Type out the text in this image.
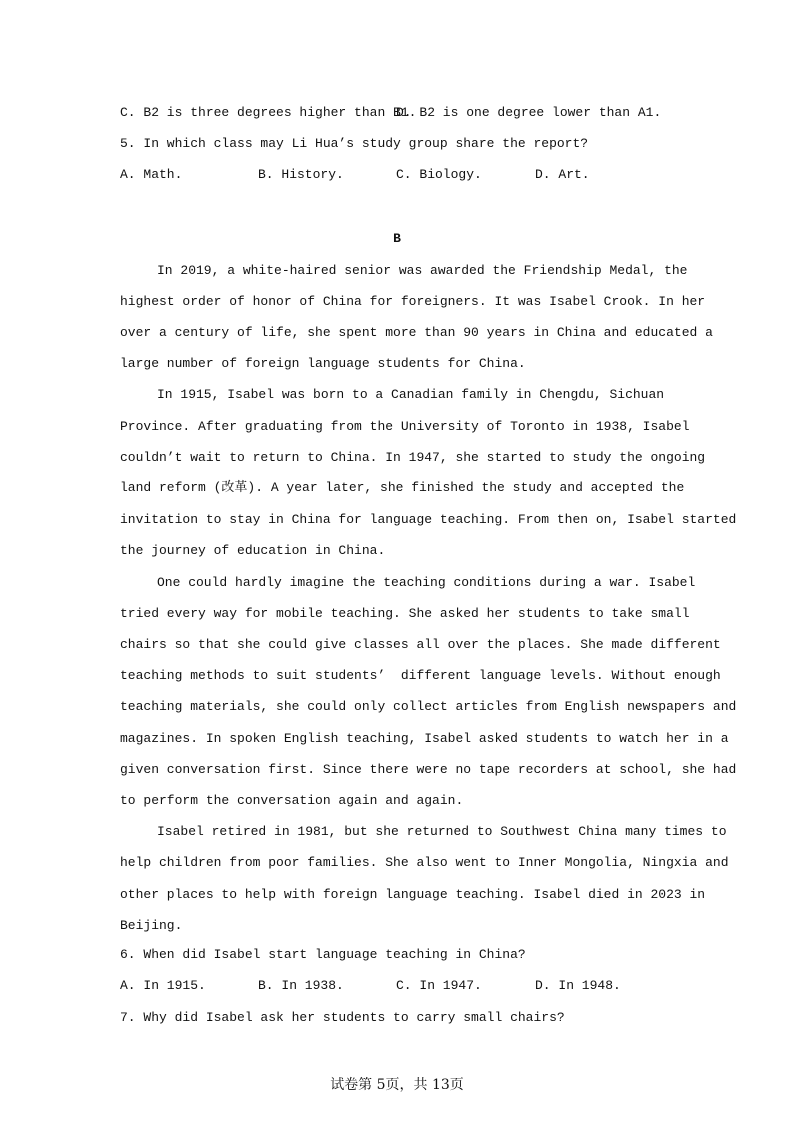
C. B2 is three degrees higher than B1.
D. B2 is one degree lower than A1.
5. In which class may Li Hua’s study group share the report?
A. Math.	B. History.	C. Biology.	D. Art.
B
In 2019, a white-haired senior was awarded the Friendship Medal, the
highest order of honor of China for foreigners. It was Isabel Crook. In her
over a century of life, she spent more than 90 years in China and educated a
large number of foreign language students for China.
In 1915, Isabel was born to a Canadian family in Chengdu, Sichuan
Province. After graduating from the University of Toronto in 1938, Isabel
couldn’t wait to return to China. In 1947, she started to study the ongoing
land reform (改革). A year later, she finished the study and accepted the
invitation to stay in China for language teaching. From then on, Isabel started
the journey of education in China.
One could hardly imagine the teaching conditions during a war. Isabel
tried every way for mobile teaching. She asked her students to take small
chairs so that she could give classes all over the places. She made different
teaching methods to suit students’  different language levels. Without enough
teaching materials, she could only collect articles from English newspapers and
magazines. In spoken English teaching, Isabel asked students to watch her in a
given conversation first. Since there were no tape recorders at school, she had
to perform the conversation again and again.
Isabel retired in 1981, but she returned to Southwest China many times to
help children from poor families. She also went to Inner Mongolia, Ningxia and
other places to help with foreign language teaching. Isabel died in 2023 in
Beijing.
6. When did Isabel start language teaching in China?
A. In 1915.	B. In 1938.	C. In 1947.	D. In 1948.
7. Why did Isabel ask her students to carry small chairs?
试卷第 5页，共 13页
